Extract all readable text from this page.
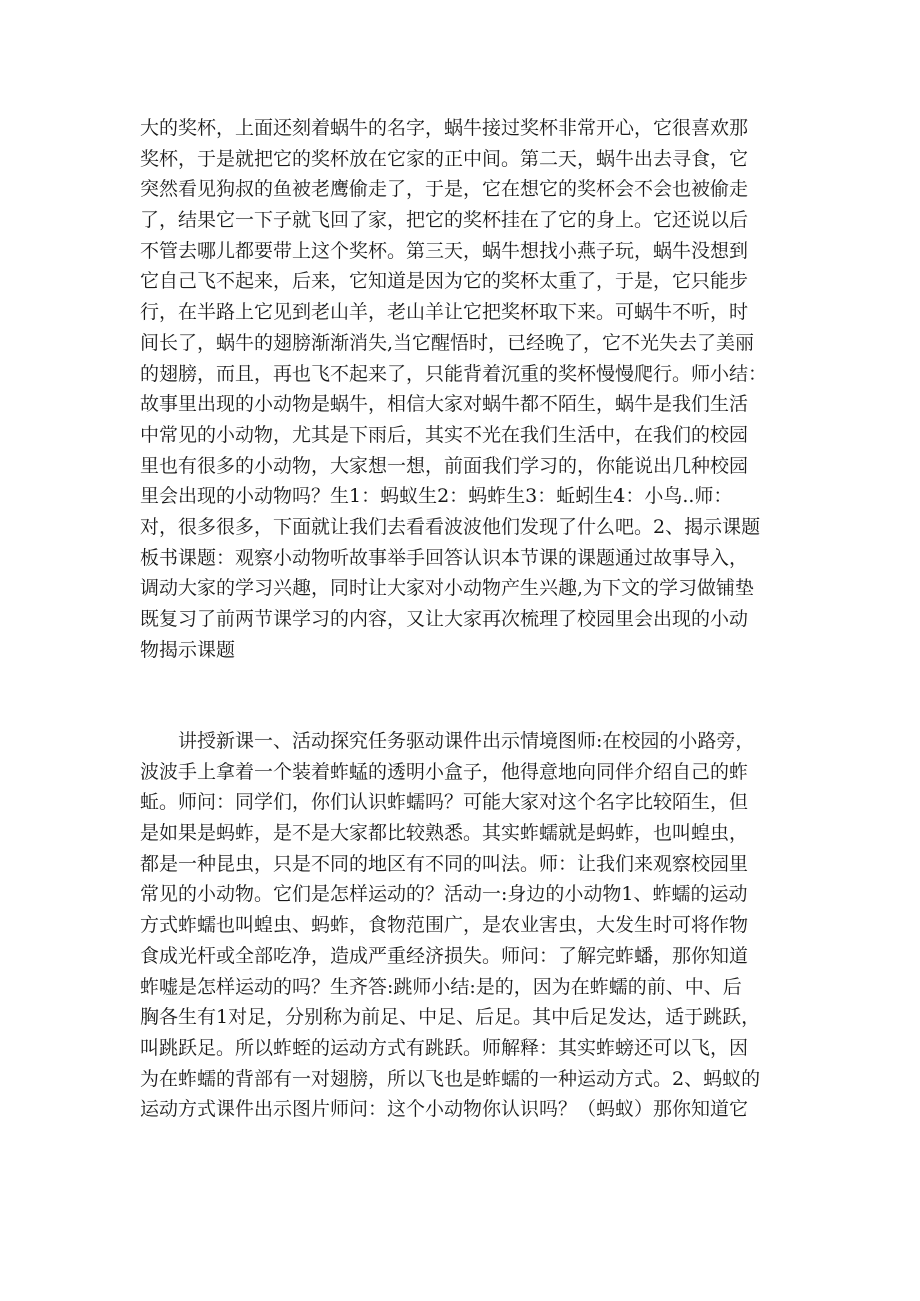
大的奖杯，上面还刻着蜗牛的名字，蜗牛接过奖杯非常开心，它很喜欢那
奖杯，于是就把它的奖杯放在它家的正中间。第二天，蜗牛出去寻食，它
突然看见狗叔的鱼被老鹰偷走了，于是，它在想它的奖杯会不会也被偷走
了，结果它一下子就飞回了家，把它的奖杯挂在了它的身上。它还说以后
不管去哪儿都要带上这个奖杯。第三天，蜗牛想找小燕子玩，蜗牛没想到
它自己飞不起来，后来，它知道是因为它的奖杯太重了，于是，它只能步
行，在半路上它见到老山羊，老山羊让它把奖杯取下来。可蜗牛不听，时
间长了，蜗牛的翅膀渐渐消失,当它醒悟时，已经晚了，它不光失去了美丽
的翅膀，而且，再也飞不起来了，只能背着沉重的奖杯慢慢爬行。师小结：
故事里出现的小动物是蜗牛，相信大家对蜗牛都不陌生，蜗牛是我们生活
中常见的小动物，尤其是下雨后，其实不光在我们生活中，在我们的校园
里也有很多的小动物，大家想一想，前面我们学习的，你能说出几种校园
里会出现的小动物吗？生1：蚂蚁生2：蚂蚱生3：蚯蚓生4：小鸟..师：
对，很多很多，下面就让我们去看看波波他们发现了什么吧。2、揭示课题
板书课题：观察小动物听故事举手回答认识本节课的课题通过故事导入，
调动大家的学习兴趣，同时让大家对小动物产生兴趣,为下文的学习做铺垫
既复习了前两节课学习的内容，又让大家再次梳理了校园里会出现的小动
物揭示课题
讲授新课一、活动探究任务驱动课件出示情境图师:在校园的小路旁，
波波手上拿着一个装着蚱蜢的透明小盒子，他得意地向同伴介绍自己的蚱
蚯。师问：同学们，你们认识蚱蠕吗？可能大家对这个名字比较陌生，但
是如果是蚂蚱，是不是大家都比较熟悉。其实蚱蠕就是蚂蚱，也叫蝗虫，
都是一种昆虫，只是不同的地区有不同的叫法。师：让我们来观察校园里
常见的小动物。它们是怎样运动的？活动一:身边的小动物1、蚱蠕的运动
方式蚱蠕也叫蝗虫、蚂蚱，食物范围广，是农业害虫，大发生时可将作物
食成光杆或全部吃净，造成严重经济损失。师问：了解完蚱蟠，那你知道
蚱嘘是怎样运动的吗？生齐答:跳师小结:是的，因为在蚱蠕的前、中、后
胸各生有1对足，分别称为前足、中足、后足。其中后足发达，适于跳跃，
叫跳跃足。所以蚱蛭的运动方式有跳跃。师解释：其实蚱螃还可以飞，因
为在蚱蠕的背部有一对翅膀，所以飞也是蚱蠕的一种运动方式。2、蚂蚁的
运动方式课件出示图片师问：这个小动物你认识吗？（蚂蚁）那你知道它
